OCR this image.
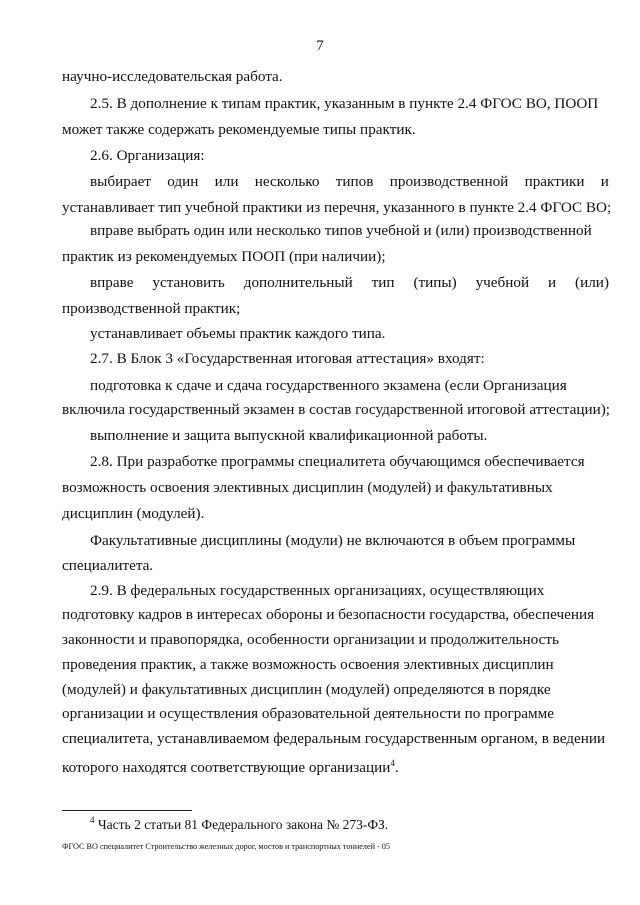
7
научно-исследовательская работа.
2.5. В дополнение к типам практик, указанным в пункте 2.4 ФГОС ВО, ПООП
может также содержать рекомендуемые типы практик.
2.6. Организация:
выбирает один или несколько типов производственной практики и
устанавливает тип учебной практики из перечня, указанного в пункте 2.4 ФГОС ВО;
вправе выбрать один или несколько типов учебной и (или) производственной
практик из рекомендуемых ПООП (при наличии);
вправе установить дополнительный тип (типы) учебной и (или)
производственной практик;
устанавливает объемы практик каждого типа.
2.7. В Блок 3 «Государственная итоговая аттестация» входят:
подготовка к сдаче и сдача государственного экзамена (если Организация
включила государственный экзамен в состав государственной итоговой аттестации);
выполнение и защита выпускной квалификационной работы.
2.8. При разработке программы специалитета обучающимся обеспечивается
возможность освоения элективных дисциплин (модулей) и факультативных
дисциплин (модулей).
Факультативные дисциплины (модули) не включаются в объем программы
специалитета.
2.9. В федеральных государственных организациях, осуществляющих
подготовку кадров в интересах обороны и безопасности государства, обеспечения
законности и правопорядка, особенности организации и продолжительность
проведения практик, а также возможность освоения элективных дисциплин
(модулей) и факультативных дисциплин (модулей) определяются в порядке
организации и осуществления образовательной деятельности по программе
специалитета, устанавливаемом федеральным государственным органом, в ведении
которого находятся соответствующие организации$^4$.
$^4$ Часть 2 статьи 81 Федерального закона № 273-ФЗ.
ФГОС ВО специалитет Строительство железных дорог, мостов и транспортных тоннелей - 05
